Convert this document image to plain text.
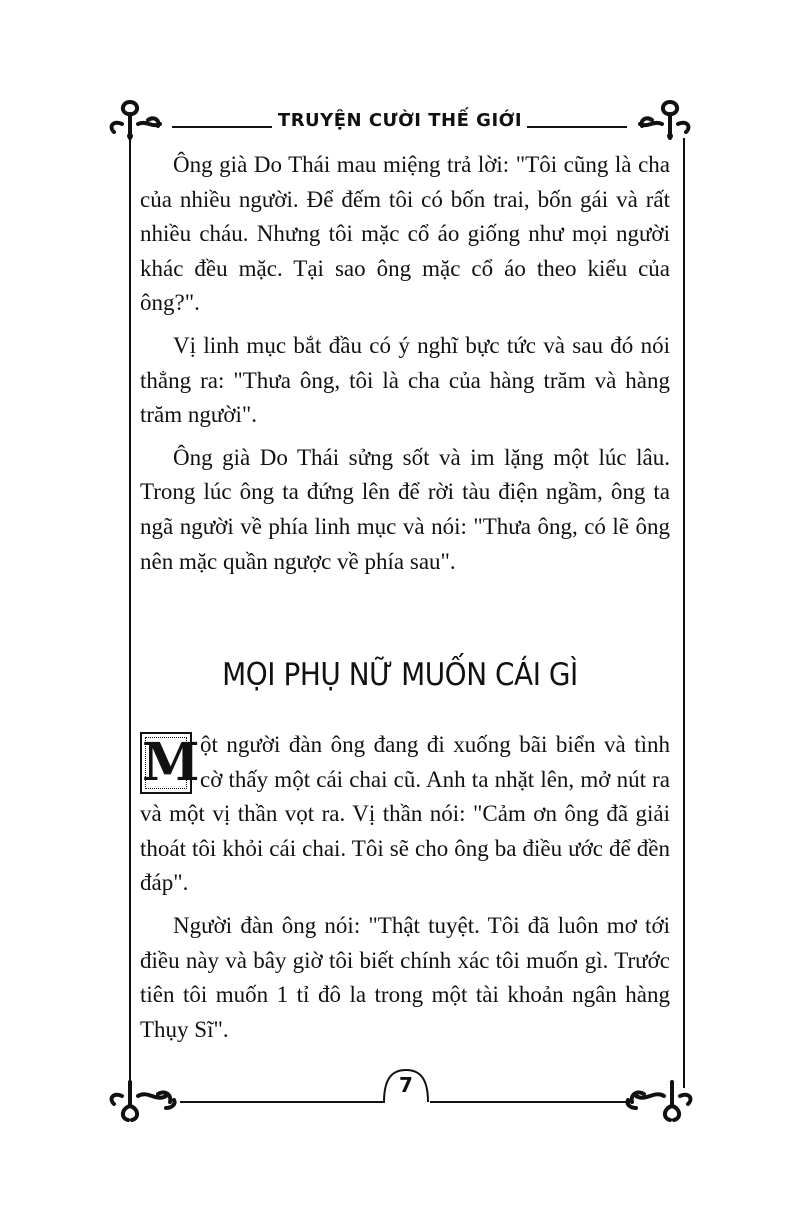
TRUYỆN CƯỜI THẾ GIỚI

Ông già Do Thái mau miệng trả lời: "Tôi cũng là cha của nhiều người. Để đếm tôi có bốn trai, bốn gái và rất nhiều cháu. Nhưng tôi mặc cổ áo giống như mọi người khác đều mặc. Tại sao ông mặc cổ áo theo kiểu của ông?".

Vị linh mục bắt đầu có ý nghĩ bực tức và sau đó nói thẳng ra: "Thưa ông, tôi là cha của hàng trăm và hàng trăm người".

Ông già Do Thái sửng sốt và im lặng một lúc lâu. Trong lúc ông ta đứng lên để rời tàu điện ngầm, ông ta ngã người về phía linh mục và nói: "Thưa ông, có lẽ ông nên mặc quần ngược về phía sau".

MỌI PHỤ NỮ MUỐN CÁI GÌ

M ột người đàn ông đang đi xuống bãi biển và tình cờ thấy một cái chai cũ. Anh ta nhặt lên, mở nút ra và một vị thần vọt ra. Vị thần nói: "Cảm ơn ông đã giải thoát tôi khỏi cái chai. Tôi sẽ cho ông ba điều ước để đền đáp".

Người đàn ông nói: "Thật tuyệt. Tôi đã luôn mơ tới điều này và bây giờ tôi biết chính xác tôi muốn gì. Trước tiên tôi muốn 1 tỉ đô la trong một tài khoản ngân hàng Thụy Sĩ".

7
